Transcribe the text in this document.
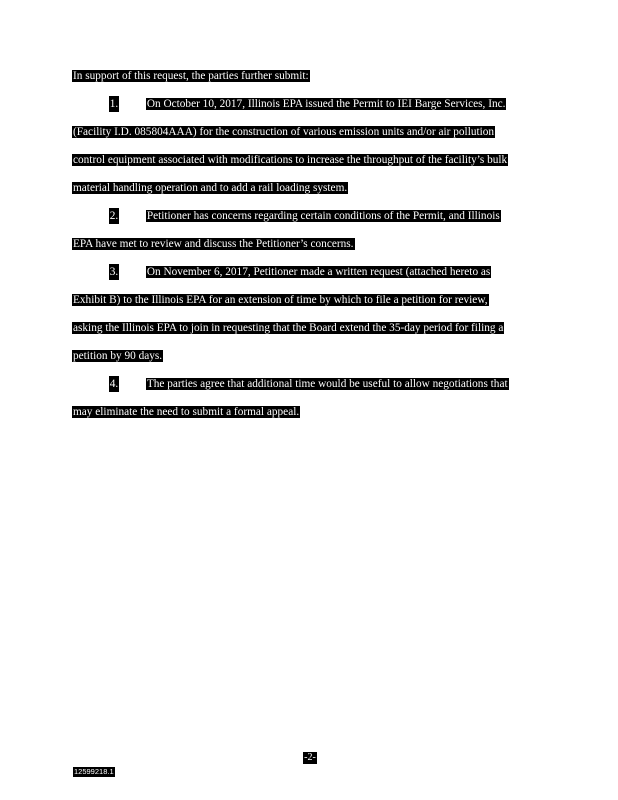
In support of this request, the parties further submit:
1.	On October 10, 2017, Illinois EPA issued the Permit to IEI Barge Services, Inc.
(Facility I.D. 085804AAA) for the construction of various emission units and/or air pollution
control equipment associated with modifications to increase the throughput of the facility’s bulk
material handling operation and to add a rail loading system.
2.	Petitioner has concerns regarding certain conditions of the Permit, and Illinois
EPA have met to review and discuss the Petitioner’s concerns.
3.	On November 6, 2017, Petitioner made a written request (attached hereto as
Exhibit B) to the Illinois EPA for an extension of time by which to file a petition for review,
asking the Illinois EPA to join in requesting that the Board extend the 35-day period for filing a
petition by 90 days.
4.	The parties agree that additional time would be useful to allow negotiations that
may eliminate the need to submit a formal appeal.
-2-
12599218.1
